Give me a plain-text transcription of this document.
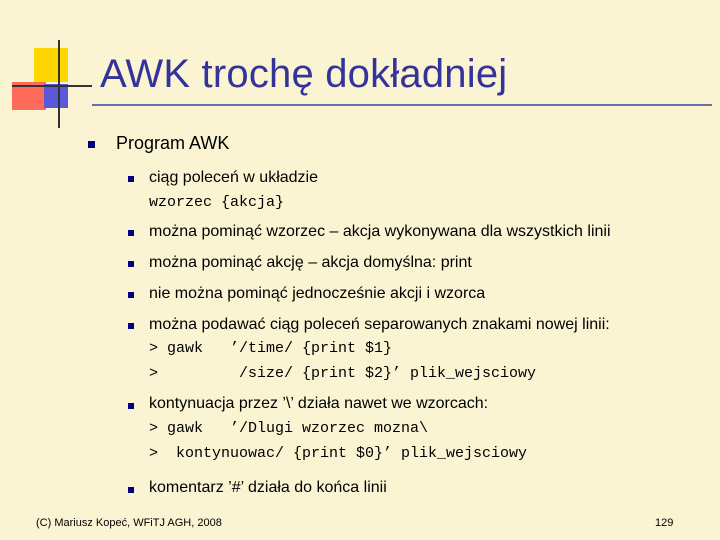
AWK trochę dokładniej
Program AWK
ciąg poleceń w układzie
wzorzec {akcja}
można pominąć wzorzec – akcja wykonywana dla wszystkich linii
można pominąć akcję – akcja domyślna: print
nie można pominąć jednocześnie akcji i wzorca
można podawać ciąg poleceń separowanych znakami nowej linii:
> gawk   ’/time/ {print $1}
>         /size/ {print $2}’ plik_wejsciowy
kontynuacja przez ’\’ działa nawet we wzorcach:
> gawk   ’/Dlugi wzorzec mozna\
>  kontynuowac/ {print $0}’ plik_wejsciowy
komentarz ’#’ działa do końca linii
(C) Mariusz Kopeć, WFiTJ AGH, 2008	129
